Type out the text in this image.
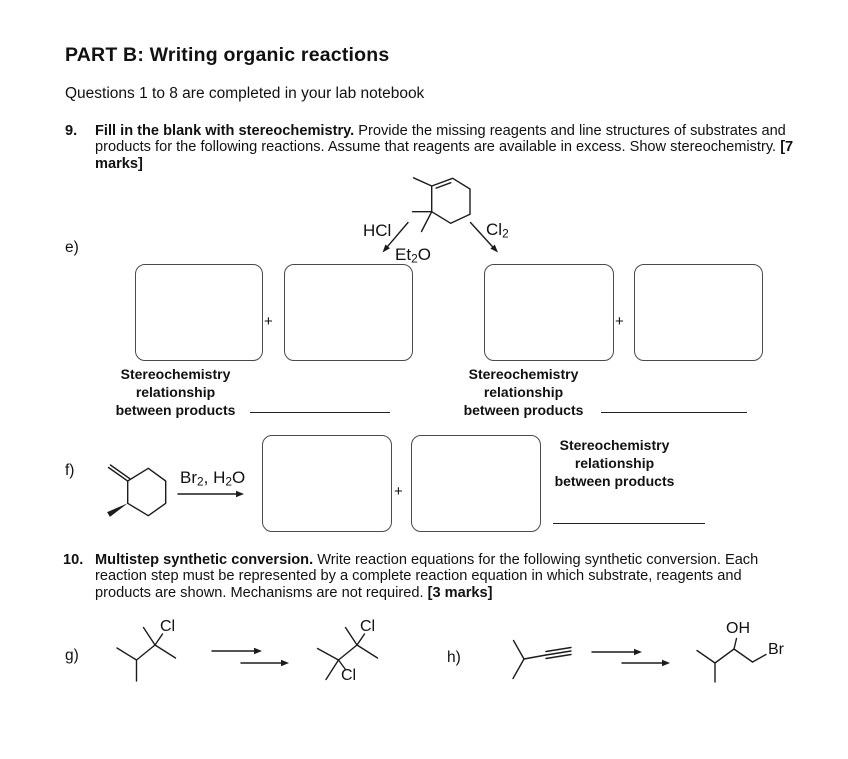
PART B: Writing organic reactions
Questions 1 to 8 are completed in your lab notebook
9. Fill in the blank with stereochemistry. Provide the missing reagents and line structures of substrates and products for the following reactions. Assume that reagents are available in excess. Show stereochemistry. [7 marks]

HCl
$Et_2O$
$Cl_2$
e)
+	+
Stereochemistry
relationship
between products
Stereochemistry
relationship
between products
f)	$Br_2$, $H_2O$
+
Stereochemistry
relationship
between products
10. Multistep synthetic conversion. Write reaction equations for the following synthetic conversion. Each reaction step must be represented by a complete reaction equation in which substrate, reagents and products are shown. Mechanisms are not required. [3 marks]

g)
Cl	Cl
Cl
h)
OH
Br
